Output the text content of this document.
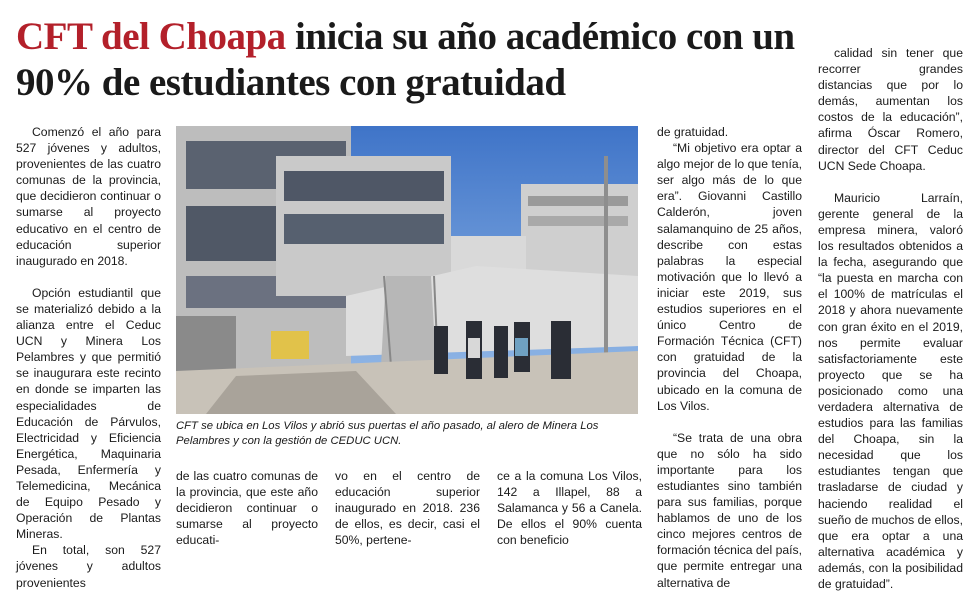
CFT del Choapa inicia su año académico con un 90% de estudiantes con gratuidad

Comenzó el año para 527 jóvenes y adultos, provenientes de las cuatro comunas de la provincia, que decidieron continuar o sumarse al proyecto educativo en el centro de educación superior inaugurado en 2018.

Opción estudiantil que se materializó debido a la alianza entre el Ceduc UCN y Minera Los Pelambres y que permitió se inaugurara este recinto en donde se imparten las especialidades de Educación de Párvulos, Electricidad y Eficiencia Energética, Maquinaria Pesada, Enfermería y Telemedicina, Mecánica de Equipo Pesado y Operación de Plantas Mineras.

En total, son 527 jóvenes y adultos provenientes

CFT se ubica en Los Vilos y abrió sus puertas el año pasado, al alero de Minera Los Pelambres y con la gestión de CEDUC UCN.

de las cuatro comunas de la provincia, que este año decidieron continuar o sumarse al proyecto educati-

vo en el centro de educación superior inaugurado en 2018. 236 de ellos, es decir, casi el 50%, pertene-

ce a la comuna Los Vilos, 142 a Illapel, 88 a Salamanca y 56 a Canela. De ellos el 90% cuenta con beneficio

de gratuidad.

“Mi objetivo era optar a algo mejor de lo que tenía, ser algo más de lo que era”. Giovanni Castillo Calderón, joven salamanquino de 25 años, describe con estas palabras la especial motivación que lo llevó a iniciar este 2019, sus estudios superiores en el único Centro de Formación Técnica (CFT) con gratuidad de la provincia del Choapa, ubicado en la comuna de Los Vilos.

“Se trata de una obra que no sólo ha sido importante para los estudiantes sino también para sus familias, porque hablamos de uno de los cinco mejores centros de formación técnica del país, que permite entregar una alternativa de

calidad sin tener que recorrer grandes distancias que por lo demás, aumentan los costos de la educación”, afirma Óscar Romero, director del CFT Ceduc UCN Sede Choapa.

Mauricio Larraín, gerente general de la empresa minera, valoró los resultados obtenidos a la fecha, asegurando que “la puesta en marcha con el 100% de matrículas el 2018 y ahora nuevamente con gran éxito en el 2019, nos permite evaluar satisfactoriamente este proyecto que se ha posicionado como una verdadera alternativa de estudios para las familias del Choapa, sin la necesidad que los estudiantes tengan que trasladarse de ciudad y haciendo realidad el sueño de muchos de ellos, que era optar a una alternativa académica y además, con la posibilidad de gratuidad”.
